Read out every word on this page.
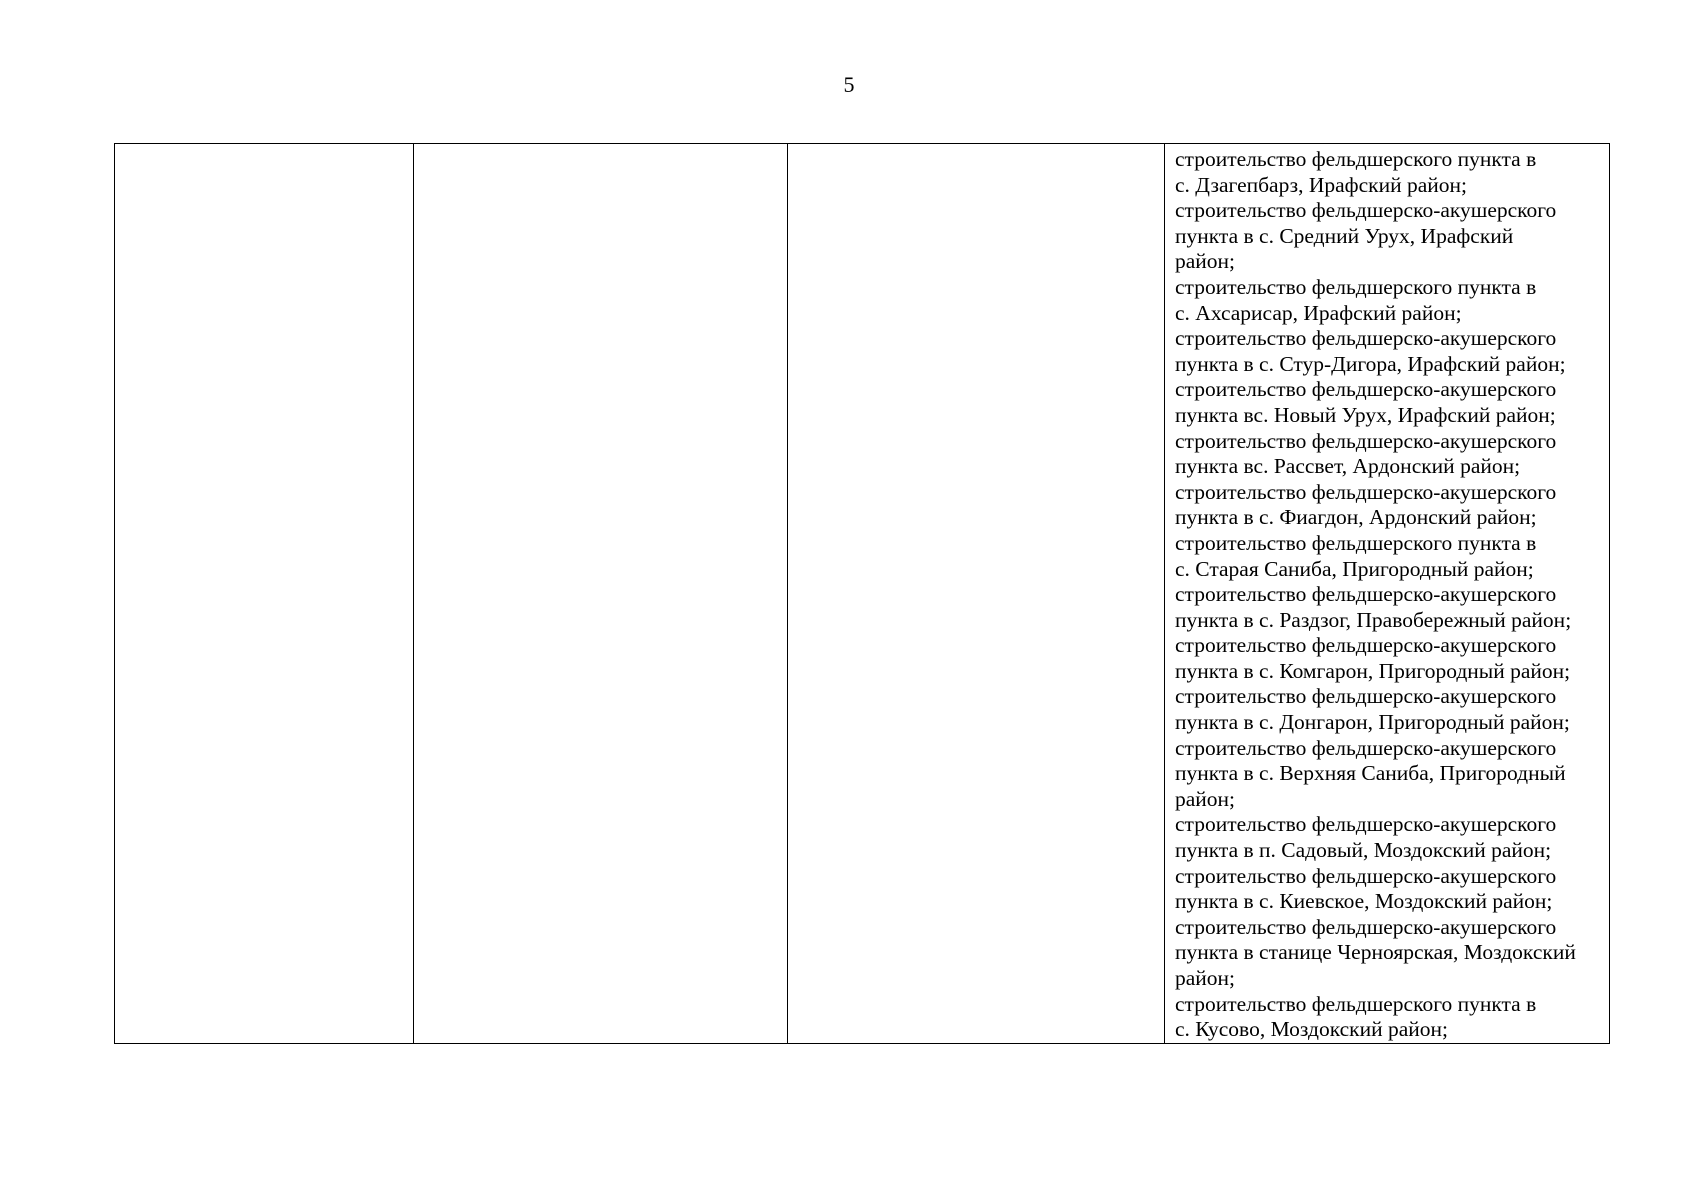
5

строительство фельдшерского пункта в
с. Дзагепбарз, Ирафский район;
строительство фельдшерско-акушерского
пункта в с. Средний Урух, Ирафский
район;
строительство фельдшерского пункта в
с. Ахсарисар, Ирафский район;
строительство фельдшерско-акушерского
пункта в с. Стур-Дигора, Ирафский район;
строительство фельдшерско-акушерского
пункта вс. Новый Урух, Ирафский район;
строительство фельдшерско-акушерского
пункта вс. Рассвет, Ардонский район;
строительство фельдшерско-акушерского
пункта в с. Фиагдон, Ардонский район;
строительство фельдшерского пункта в
с. Старая Саниба, Пригородный район;
строительство фельдшерско-акушерского
пункта в с. Раздзог, Правобережный район;
строительство фельдшерско-акушерского
пункта в с. Комгарон, Пригородный район;
строительство фельдшерско-акушерского
пункта в с. Донгарон, Пригородный район;
строительство фельдшерско-акушерского
пункта в с. Верхняя Саниба, Пригородный
район;
строительство фельдшерско-акушерского
пункта в п. Садовый, Моздокский район;
строительство фельдшерско-акушерского
пункта в с. Киевское, Моздокский район;
строительство фельдшерско-акушерского
пункта в станице Черноярская, Моздокский
район;
строительство фельдшерского пункта в
с. Кусово, Моздокский район;
